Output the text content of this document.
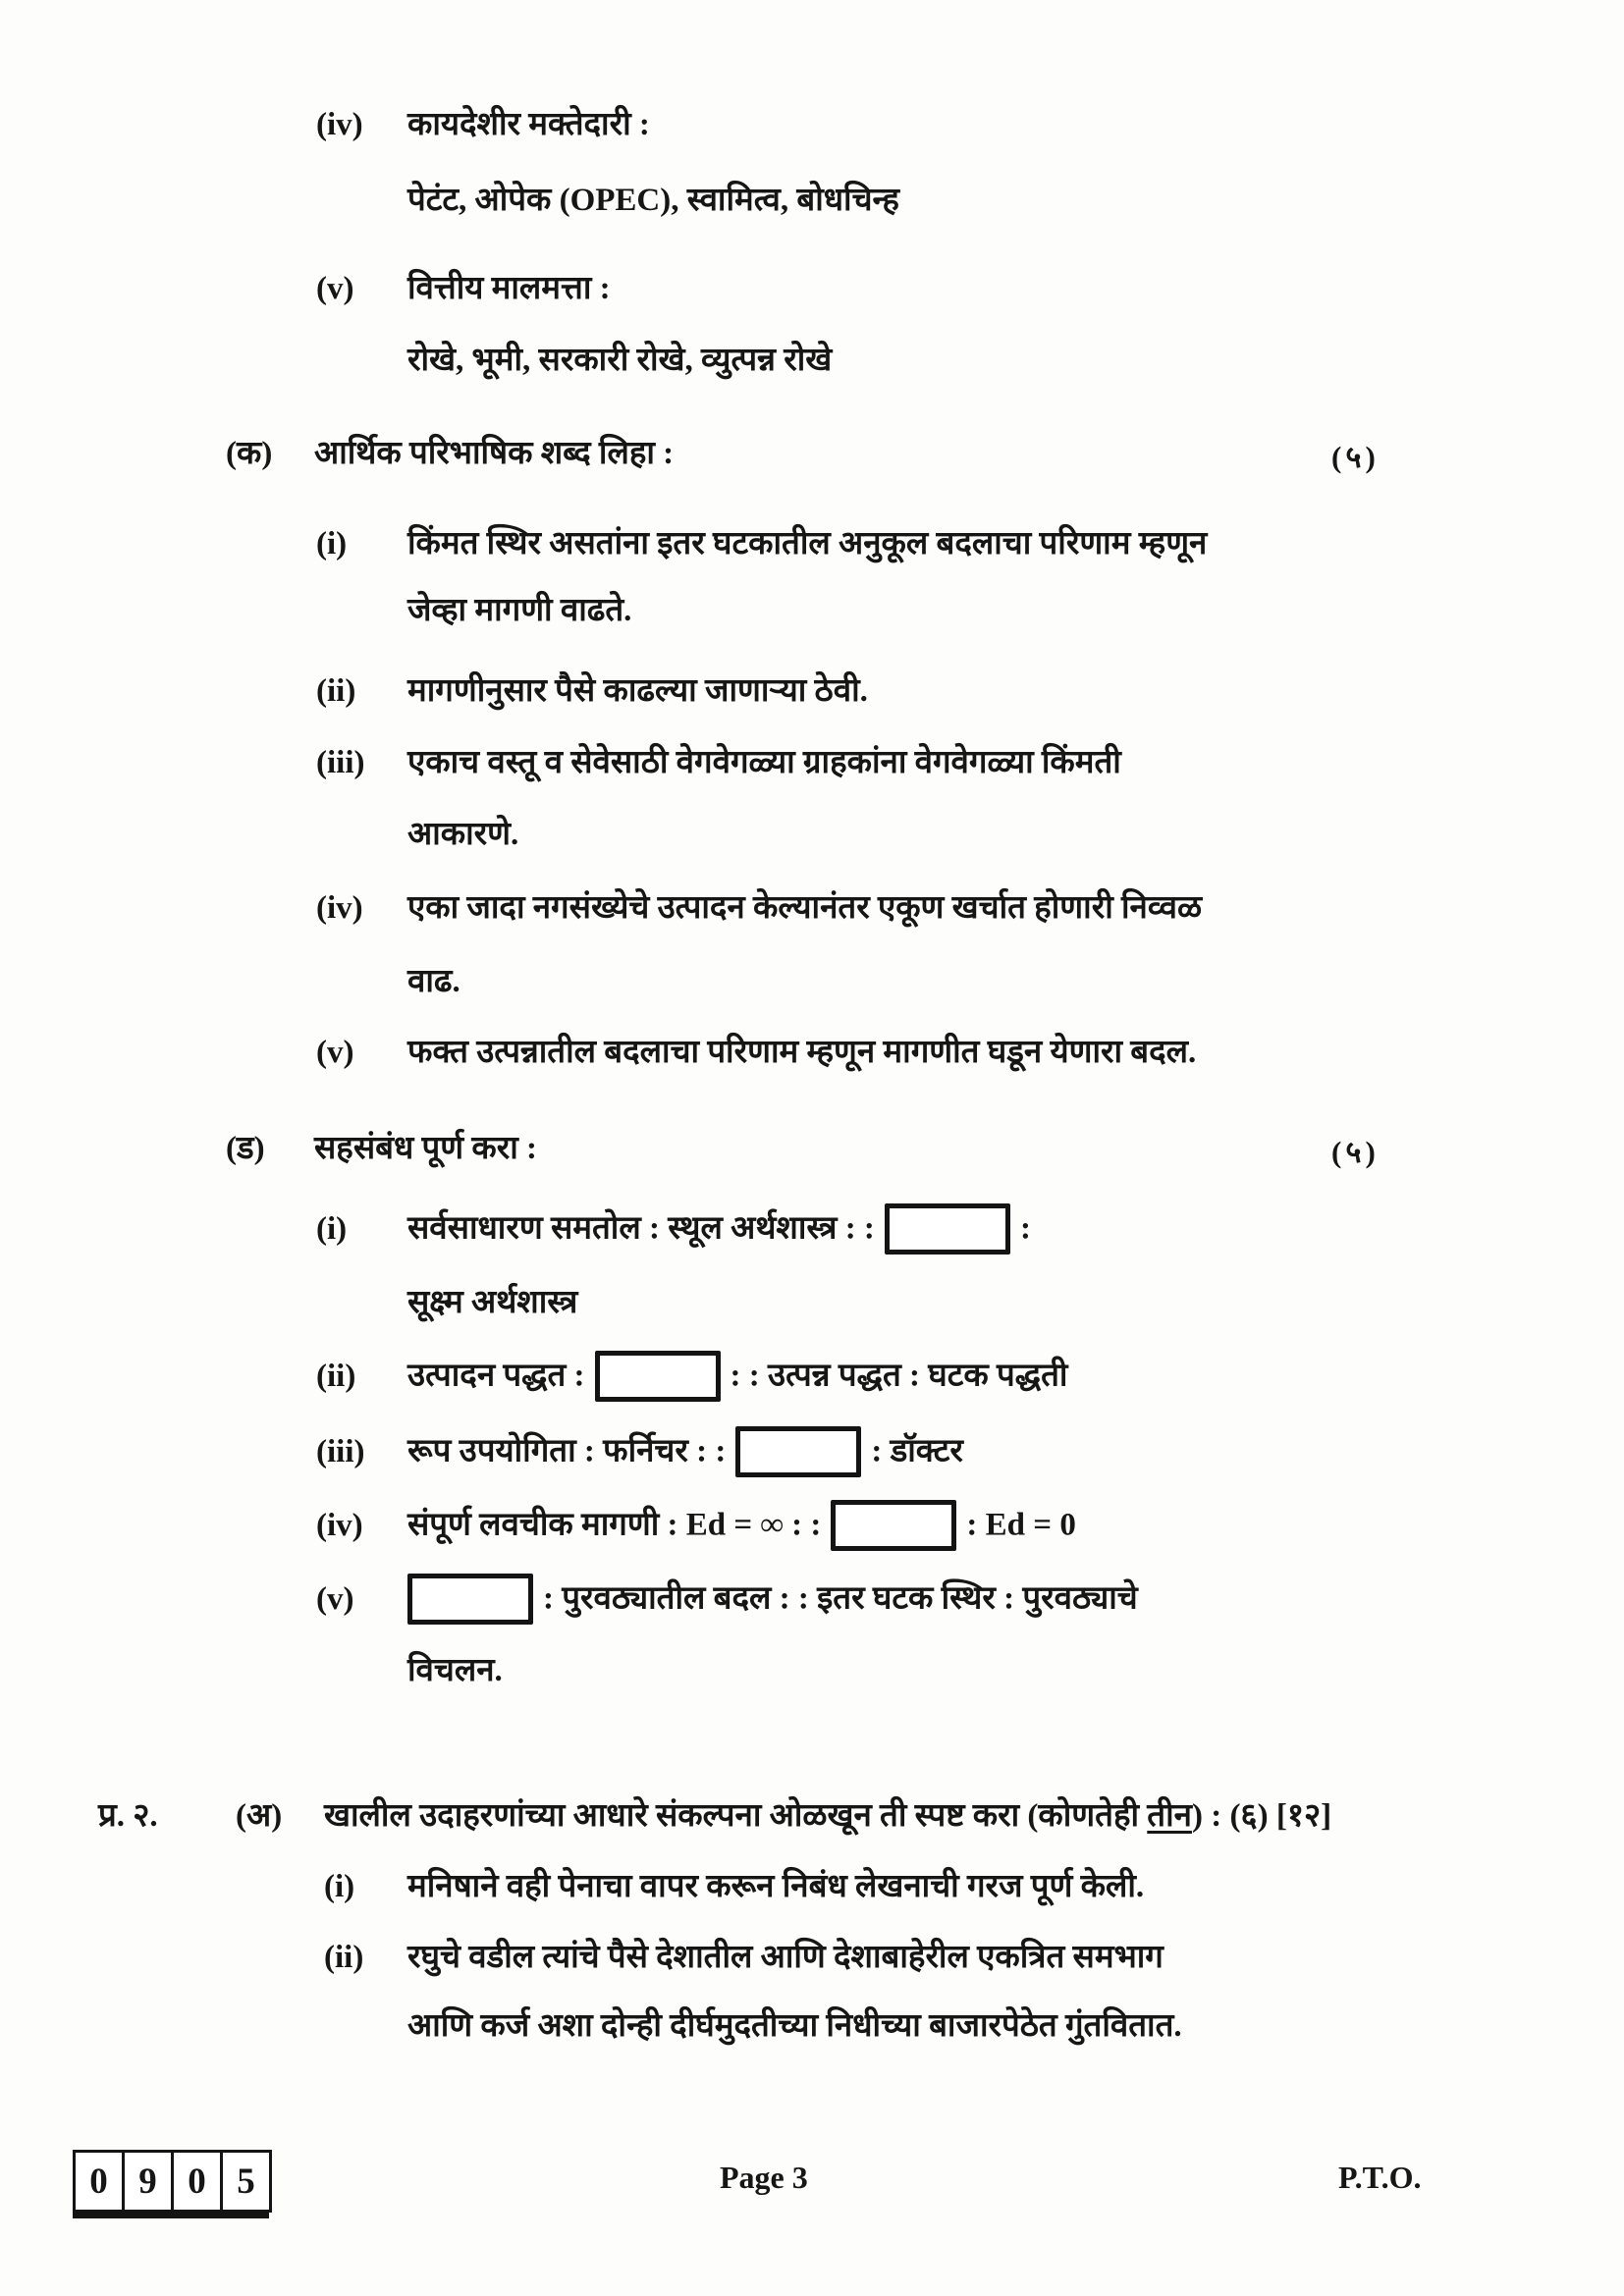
(iv) कायदेशीर मक्तेदारी :
पेटंट, ओपेक (OPEC), स्वामित्व, बोधचिन्ह
(v) वित्तीय मालमत्ता :
रोखे, भूमी, सरकारी रोखे, व्युत्पन्न रोखे
(क) आर्थिक परिभाषिक शब्द लिहा :	(५)
(i) किंमत स्थिर असतांना इतर घटकातील अनुकूल बदलाचा परिणाम म्हणून
जेव्हा मागणी वाढते.
(ii) मागणीनुसार पैसे काढल्या जाणाऱ्या ठेवी.
(iii) एकाच वस्तू व सेवेसाठी वेगवेगळ्या ग्राहकांना वेगवेगळ्या किंमती
आकारणे.
(iv) एका जादा नगसंख्येचे उत्पादन केल्यानंतर एकूण खर्चात होणारी निव्वळ
वाढ.
(v) फक्त उत्पन्नातील बदलाचा परिणाम म्हणून मागणीत घडून येणारा बदल.
(ड) सहसंबंध पूर्ण करा :	(५)
(i) सर्वसाधारण समतोल : स्थूल अर्थशास्त्र : :	:
सूक्ष्म अर्थशास्त्र
(ii) उत्पादन पद्धत :	: : उत्पन्न पद्धत : घटक पद्धती
(iii) रूप उपयोगिता : फर्निचर : :	: डॉक्टर
(iv) संपूर्ण लवचीक मागणी : Ed = ∞ : :	: Ed = 0
(v)	: पुरवठ्यातील बदल : : इतर घटक स्थिर : पुरवठ्याचे
विचलन.
प्र. २. (अ) खालील उदाहरणांच्या आधारे संकल्पना ओळखून ती स्पष्ट करा (कोणतेही तीन) : (६) [१२]
(i) मनिषाने वही पेनाचा वापर करून निबंध लेखनाची गरज पूर्ण केली.
(ii) रघुचे वडील त्यांचे पैसे देशातील आणि देशाबाहेरील एकत्रित समभाग
आणि कर्ज अशा दोन्ही दीर्घमुदतीच्या निधीच्या बाजारपेठेत गुंतवितात.
0 9 0 5	Page 3	P.T.O.
